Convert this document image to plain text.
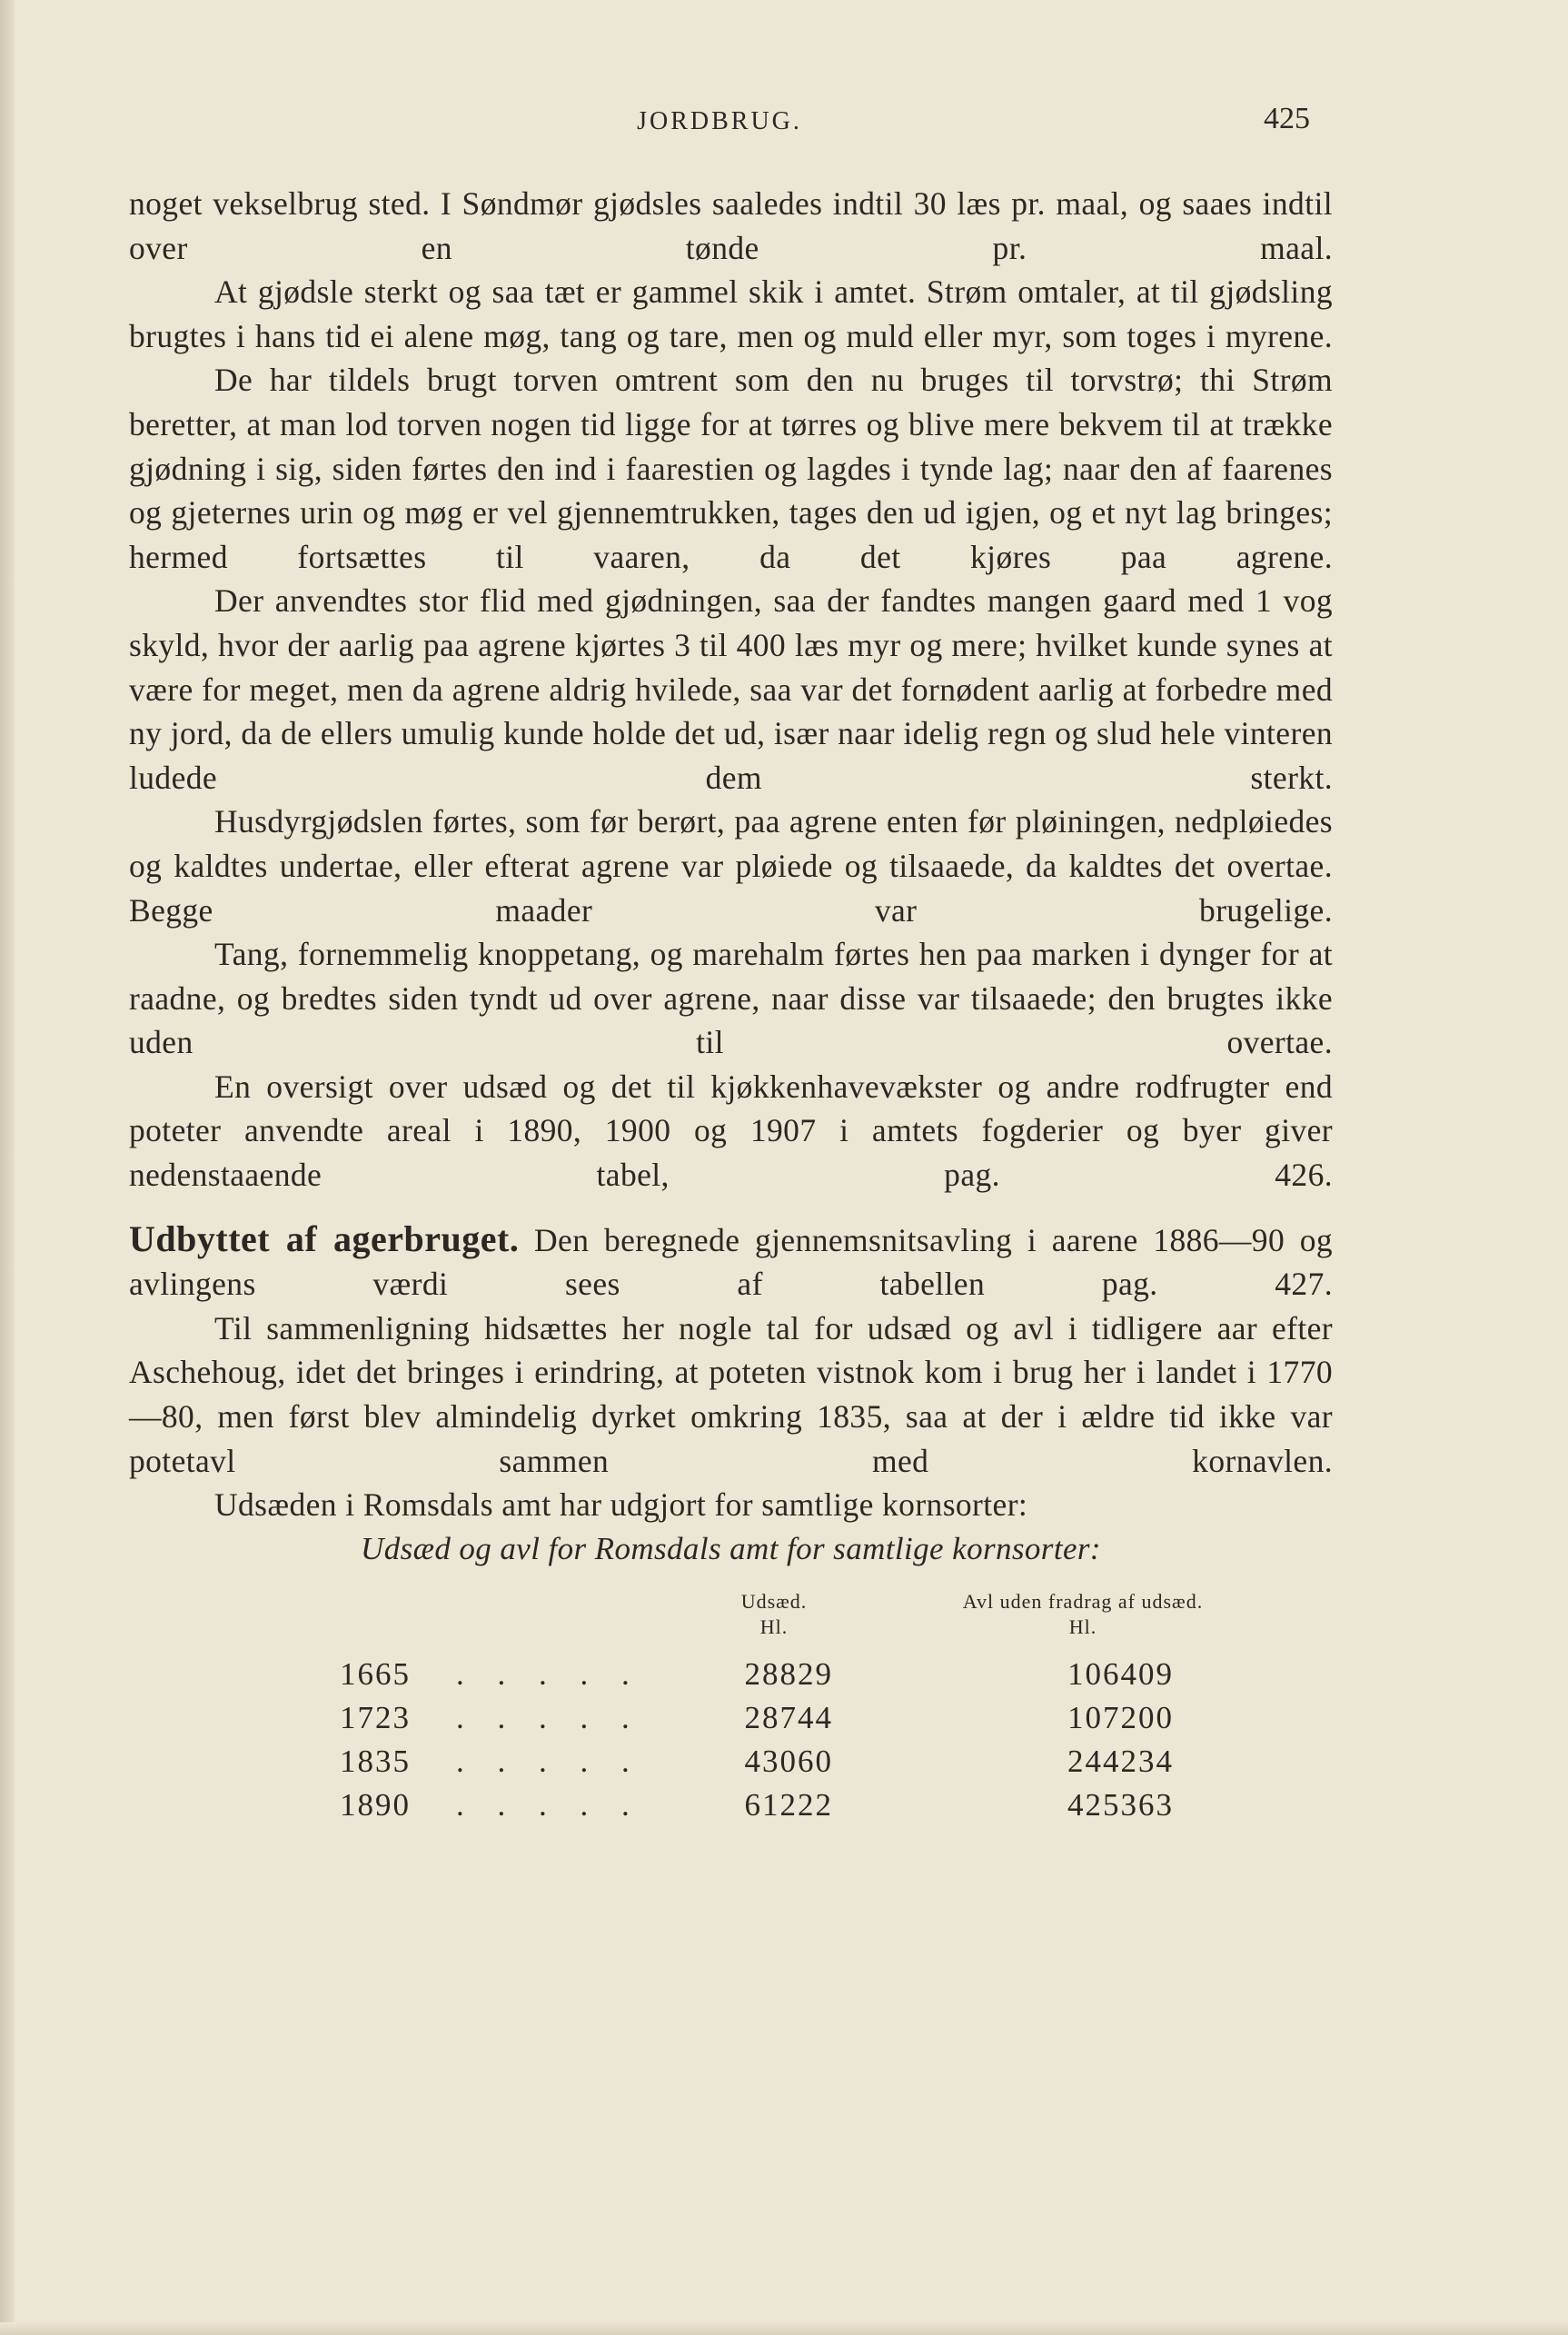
JORDBRUG.	425

noget vekselbrug sted. I Søndmør gjødsles saaledes indtil 30 læs pr. maal, og saaes indtil over en tønde pr. maal.

At gjødsle sterkt og saa tæt er gammel skik i amtet. Strøm omtaler, at til gjødsling brugtes i hans tid ei alene møg, tang og tare, men og muld eller myr, som toges i myrene.

De har tildels brugt torven omtrent som den nu bruges til torvstrø; thi Strøm beretter, at man lod torven nogen tid ligge for at tørres og blive mere bekvem til at trække gjødning i sig, siden førtes den ind i faarestien og lagdes i tynde lag; naar den af faarenes og gjeternes urin og møg er vel gjennemtrukken, tages den ud igjen, og et nyt lag bringes; hermed fortsættes til vaaren, da det kjøres paa agrene.

Der anvendtes stor flid med gjødningen, saa der fandtes mangen gaard med 1 vog skyld, hvor der aarlig paa agrene kjørtes 3 til 400 læs myr og mere; hvilket kunde synes at være for meget, men da agrene aldrig hvilede, saa var det fornødent aarlig at forbedre med ny jord, da de ellers umulig kunde holde det ud, især naar idelig regn og slud hele vinteren ludede dem sterkt.

Husdyrgjødslen førtes, som før berørt, paa agrene enten før pløiningen, nedpløiedes og kaldtes undertae, eller efterat agrene var pløiede og tilsaaede, da kaldtes det overtae. Begge maader var brugelige.

Tang, fornemmelig knoppetang, og marehalm førtes hen paa marken i dynger for at raadne, og bredtes siden tyndt ud over agrene, naar disse var tilsaaede; den brugtes ikke uden til overtae.

En oversigt over udsæd og det til kjøkkenhavevækster og andre rodfrugter end poteter anvendte areal i 1890, 1900 og 1907 i amtets fogderier og byer giver nedenstaaende tabel, pag. 426.

Udbyttet af agerbruget. Den beregnede gjennemsnitsavling i aarene 1886—90 og avlingens værdi sees af tabellen pag. 427.

Til sammenligning hidsættes her nogle tal for udsæd og avl i tidligere aar efter Aschehoug, idet det bringes i erindring, at poteten vistnok kom i brug her i landet i 1770—80, men først blev almindelig dyrket omkring 1835, saa at der i ældre tid ikke var potetavl sammen med kornavlen.

Udsæden i Romsdals amt har udgjort for samtlige kornsorter:

Udsæd og avl for Romsdals amt for samtlige kornsorter:

Udsæd.
Hl.
Avl uden fradrag af udsæd.
Hl.
1665 . . . . .	28829	106409
1723 . . . . .	28744	107200
1835 . . . . .	43060	244234
1890 . . . . .	61222	425363
